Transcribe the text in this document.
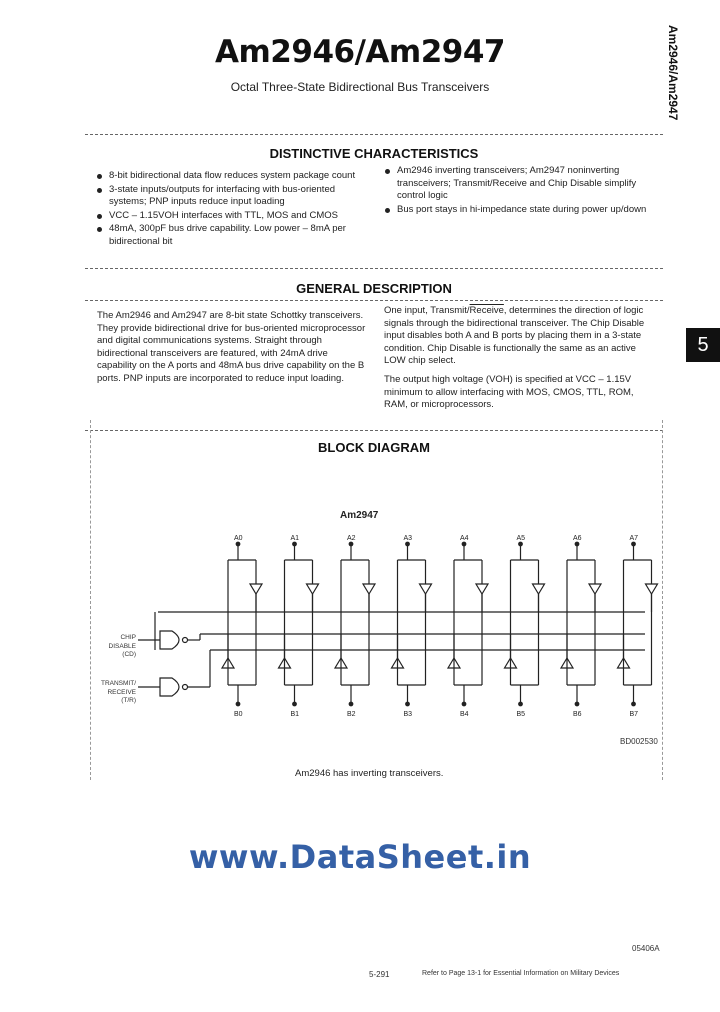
Am2946/Am2947
Octal Three-State Bidirectional Bus Transceivers	Am2946/Am2947
5
DISTINCTIVE CHARACTERISTICS
8-bit bidirectional data flow reduces system package count
3-state inputs/outputs for interfacing with bus-oriented systems; PNP inputs reduce input loading
VCC – 1.15VOH interfaces with TTL, MOS and CMOS
48mA, 300pF bus drive capability. Low power – 8mA per bidirectional bit
Am2946 inverting transceivers; Am2947 noninverting transceivers; Transmit/Receive and Chip Disable simplify control logic
Bus port stays in hi-impedance state during power up/down
GENERAL DESCRIPTION

The Am2946 and Am2947 are 8-bit state Schottky transceivers. They provide bidirectional drive for bus-oriented microprocessor and digital communications systems. Straight through bidirectional transceivers are featured, with 24mA drive capability on the A ports and 48mA bus drive capability on the B ports. PNP inputs are incorporated to reduce input loading.

One input, Transmit/Receive, determines the direction of logic signals through the bidirectional transceiver. The Chip Disable input disables both A and B ports by placing them in a 3-state condition. Chip Disable is functionally the same as an active LOW chip select.

The output high voltage (VOH) is specified at VCC – 1.15V minimum to allow interfacing with MOS, CMOS, TTL, ROM, RAM, or microprocessors.

BLOCK DIAGRAM
Am2947
A0	A1	A2	A3	A4	A5	A6	A7
B0	B1	B2	B3	B4	B5	B6	B7
CHIP
DISABLE
(CD)
TRANSMIT/
RECEIVE
(T/R)
BD002530
Am2946 has inverting transceivers.
www.DataSheet.in
05406A
5-291	Refer to Page 13-1 for Essential Information on Military Devices
